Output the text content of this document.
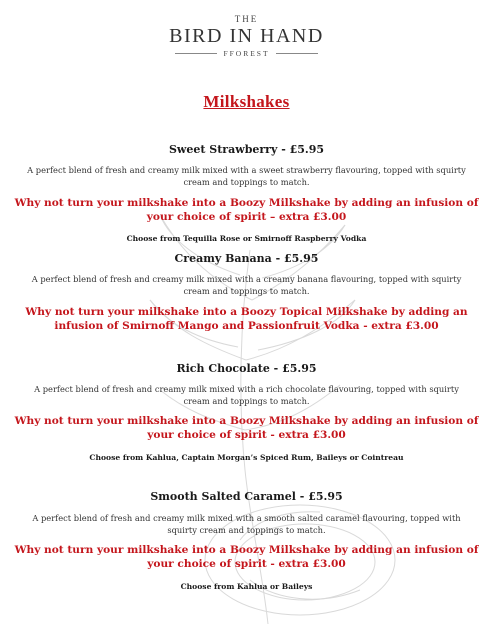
THE
BIRD IN HAND
FFOREST
Milkshakes
Sweet Strawberry - £5.95
A perfect blend of fresh and creamy milk mixed with a sweet strawberry flavouring, topped with squirty cream and toppings to match.
Why not turn your milkshake into a Boozy Milkshake by adding an infusion of your choice of spirit – extra £3.00
Choose from Tequilla Rose or Smirnoff Raspberry Vodka
Creamy Banana - £5.95
A perfect blend of fresh and creamy milk mixed with a creamy banana flavouring, topped with squirty cream and toppings to match.
Why not turn your milkshake into a Boozy Topical Milkshake by adding an infusion of Smirnoff Mango and Passionfruit Vodka - extra £3.00
Rich Chocolate - £5.95
A perfect blend of fresh and creamy milk mixed with a rich chocolate flavouring, topped with squirty cream and toppings to match.
Why not turn your milkshake into a Boozy Milkshake by adding an infusion of your choice of spirit - extra £3.00
Choose from Kahlua, Captain Morgan’s Spiced Rum, Baileys or Cointreau
Smooth Salted Caramel - £5.95
A perfect blend of fresh and creamy milk mixed with a smooth salted caramel flavouring, topped with squirty cream and toppings to match.
Why not turn your milkshake into a Boozy Milkshake by adding an infusion of your choice of spirit - extra £3.00
Choose from Kahlua or Baileys
